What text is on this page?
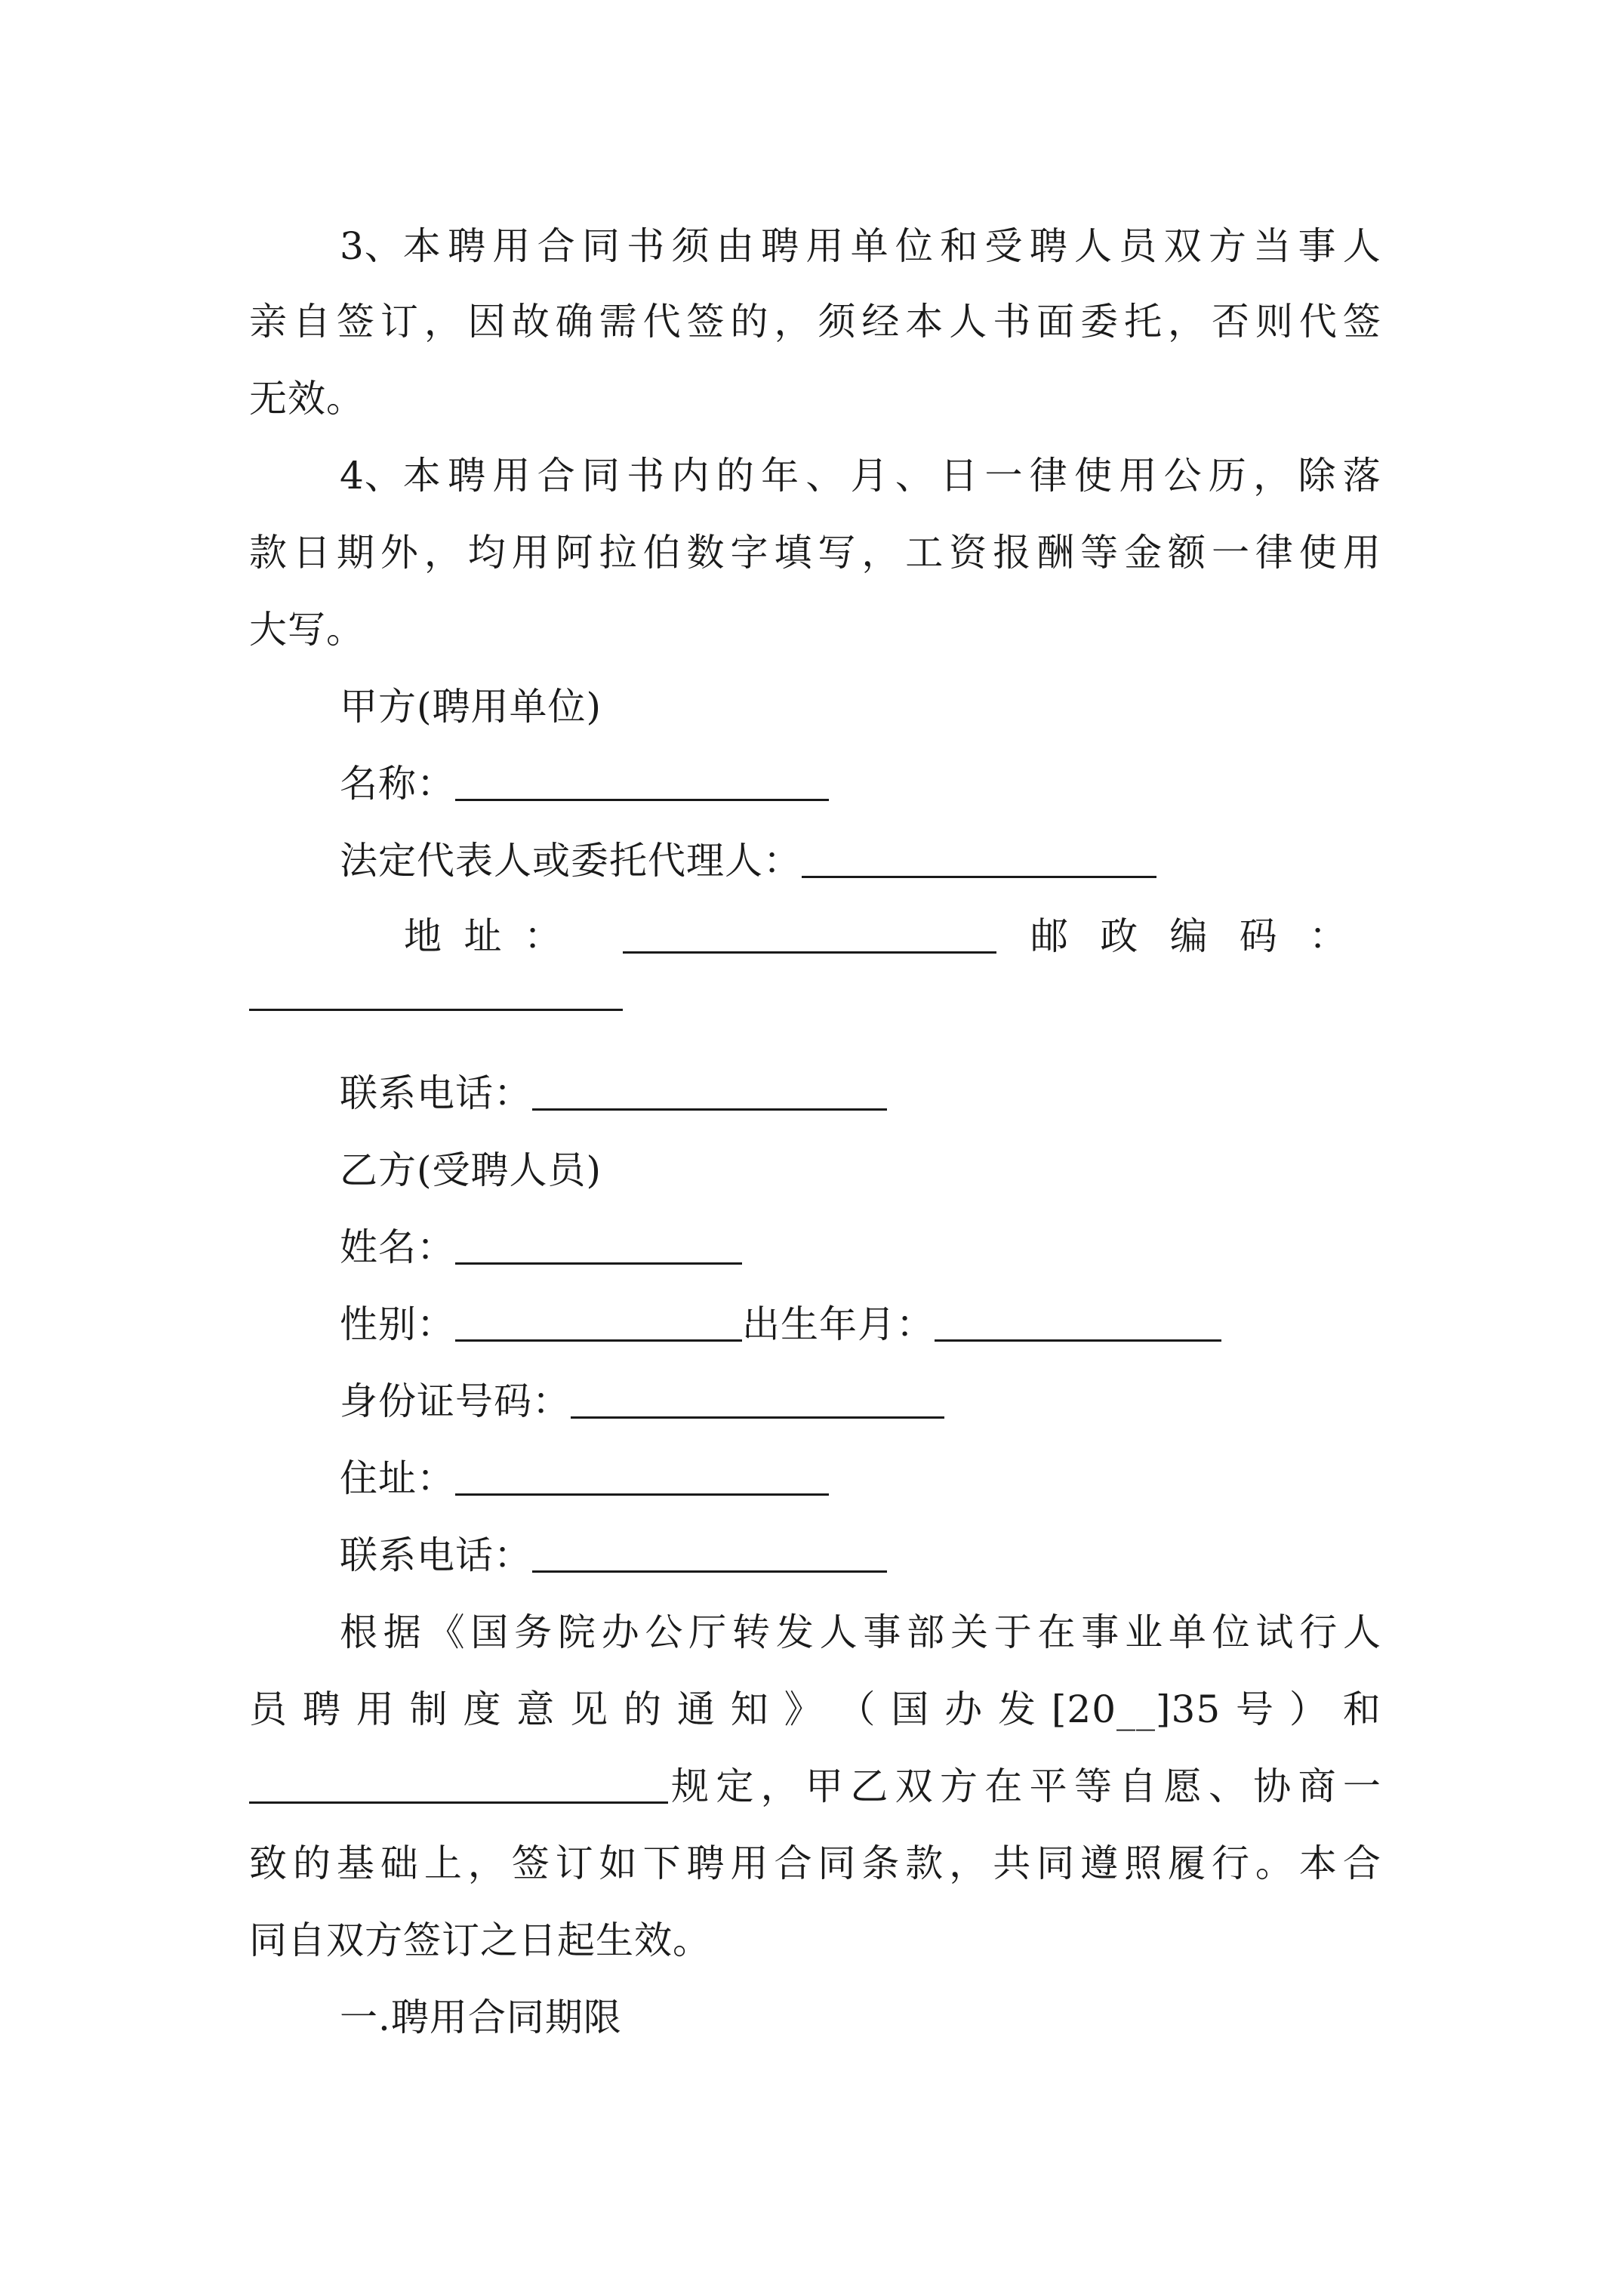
3、本 聘 用 合 同 书 须 由 聘 用 单 位 和 受 聘 人 员 双 方 当 事 人
亲 自 签 订 ， 因 故 确 需 代 签 的 ， 须 经 本 人 书 面 委 托 ， 否 则 代 签
无效。
4、本 聘 用 合 同 书 内 的 年 、 月 、 日 一 律 使 用 公 历 ， 除 落
款 日 期 外 ， 均 用 阿 拉 伯 数 字 填 写 ， 工 资 报 酬 等 金 额 一 律 使 用
大写。
甲方(聘用单位)
名称：
法定代表人或委托代理人：
地 址 ：	邮 政 编 码 ：
联系电话：
乙方(受聘人员)
姓名：
性别：	出生年月：
身份证号码：
住址：
联系电话：
根 据 《 国 务 院 办 公 厅 转 发 人 事 部 关 于 在 事 业 单 位 试 行 人
员 聘 用 制 度 意 见 的 通 知 》 （ 国 办 发 [20__]35 号 ） 和
规 定 ， 甲 乙 双 方 在 平 等 自 愿 、 协 商 一
致 的 基 础 上 ， 签 订 如 下 聘 用 合 同 条 款 ， 共 同 遵 照 履 行 。 本 合
同自双方签订之日起生效。
一.聘用合同期限
